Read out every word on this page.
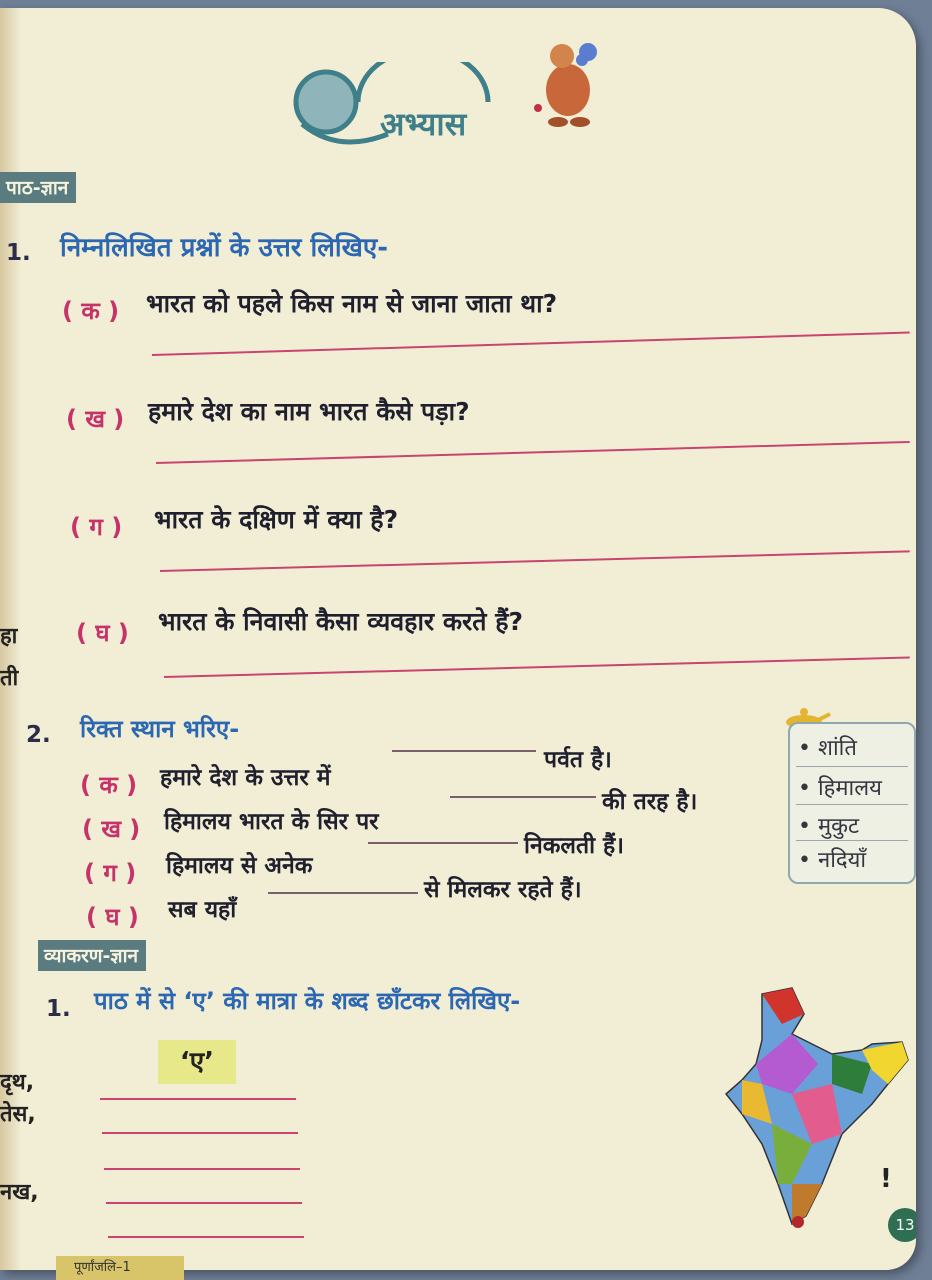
अभ्यास
पाठ-ज्ञान
1. निम्नलिखित प्रश्नों के उत्तर लिखिए-
( क ) भारत को पहले किस नाम से जाना जाता था?
( ख ) हमारे देश का नाम भारत कैसे पड़ा?
( ग ) भारत के दक्षिण में क्या है?
( घ ) भारत के निवासी कैसा व्यवहार करते हैं?
2. रिक्त स्थान भरिए-
( क ) हमारे देश के उत्तर में
पर्वत है।
( ख ) हिमालय भारत के सिर पर
की तरह है।
( ग ) हिमालय से अनेक
निकलती हैं।
( घ ) सब यहाँ
से मिलकर रहते हैं।
• शांति
• हिमालय
• मुकुट
• नदियाँ
व्याकरण-ज्ञान
1. पाठ में से ‘ए’ की मात्रा के शब्द छाँटकर लिखिए-
‘ए’
!
13
हा
ती
दृथ,
तेस,
नख,
पूर्णांजलि–1
